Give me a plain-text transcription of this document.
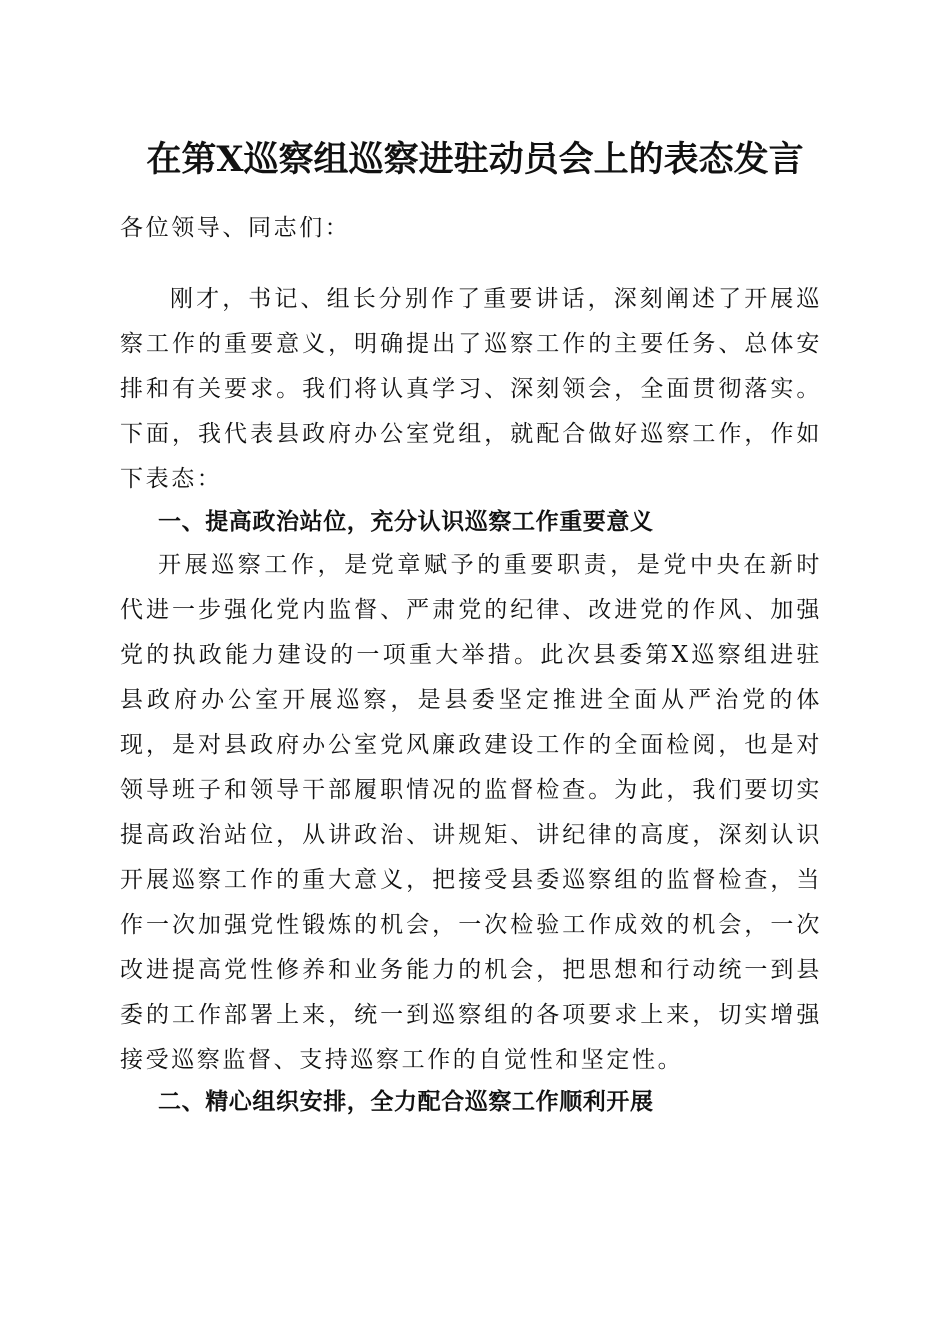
在第X巡察组巡察进驻动员会上的表态发言

各位领导、同志们：

刚才，书记、组长分别作了重要讲话，深刻阐述了开展巡察工作的重要意义，明确提出了巡察工作的主要任务、总体安排和有关要求。我们将认真学习、深刻领会，全面贯彻落实。下面，我代表县政府办公室党组，就配合做好巡察工作，作如下表态：

一、提高政治站位，充分认识巡察工作重要意义

开展巡察工作，是党章赋予的重要职责，是党中央在新时代进一步强化党内监督、严肃党的纪律、改进党的作风、加强党的执政能力建设的一项重大举措。此次县委第X巡察组进驻县政府办公室开展巡察，是县委坚定推进全面从严治党的体现，是对县政府办公室党风廉政建设工作的全面检阅，也是对领导班子和领导干部履职情况的监督检查。为此，我们要切实提高政治站位，从讲政治、讲规矩、讲纪律的高度，深刻认识开展巡察工作的重大意义，把接受县委巡察组的监督检查，当作一次加强党性锻炼的机会，一次检验工作成效的机会，一次改进提高党性修养和业务能力的机会，把思想和行动统一到县委的工作部署上来，统一到巡察组的各项要求上来，切实增强接受巡察监督、支持巡察工作的自觉性和坚定性。

二、精心组织安排，全力配合巡察工作顺利开展
